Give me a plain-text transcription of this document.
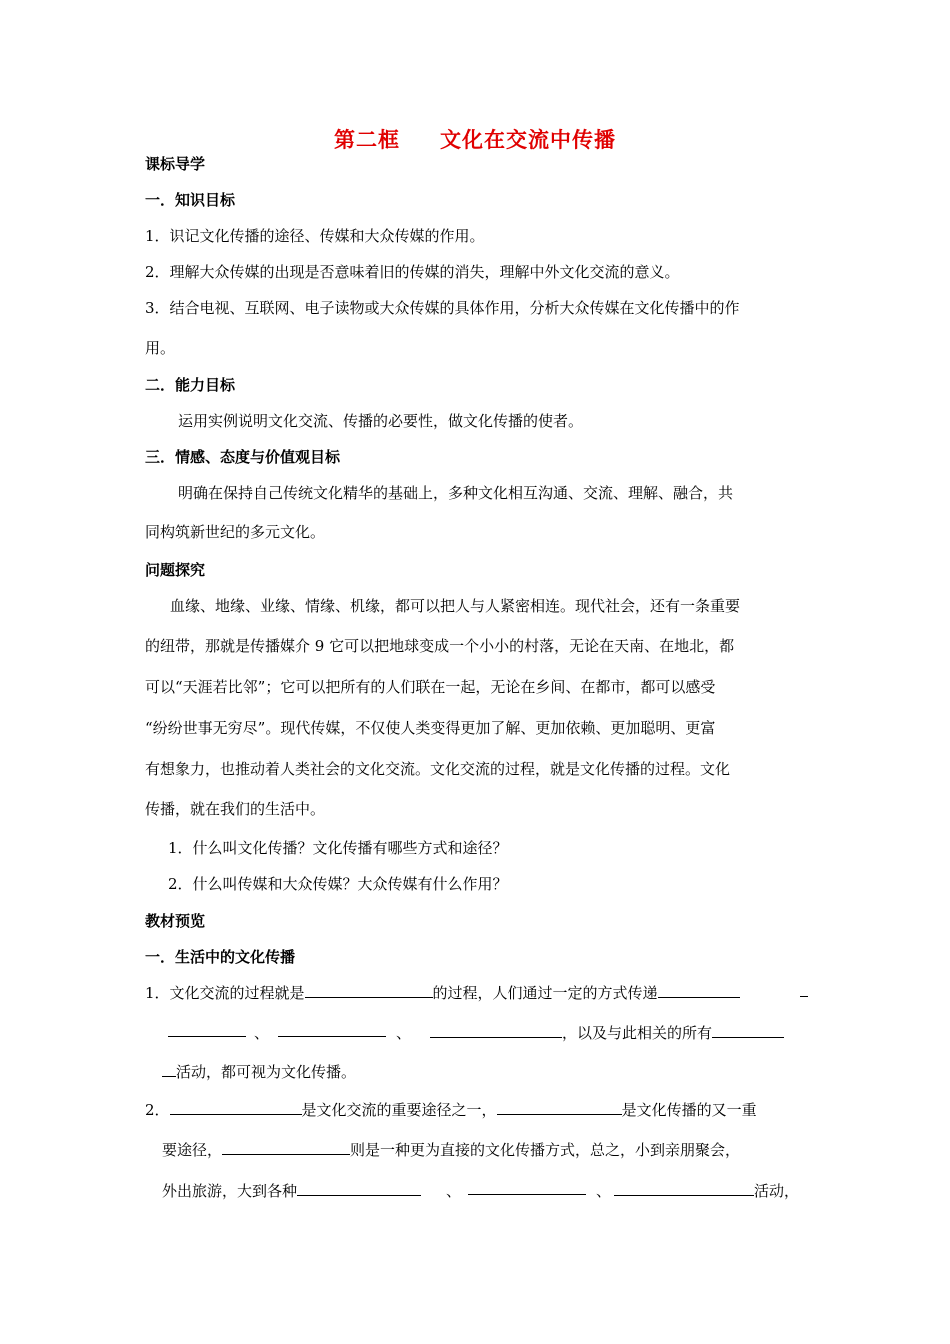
第二框 文化在交流中传播
课标导学
一．知识目标
1．识记文化传播的途径、传媒和大众传媒的作用。
2．理解大众传媒的出现是否意味着旧的传媒的消失，理解中外文化交流的意义。
3．结合电视、互联网、电子读物或大众传媒的具体作用，分析大众传媒在文化传播中的作
用。
二．能力目标
运用实例说明文化交流、传播的必要性，做文化传播的使者。
三．情感、态度与价值观目标
明确在保持自己传统文化精华的基础上，多种文化相互沟通、交流、理解、融合，共
同构筑新世纪的多元文化。
问题探究
血缘、地缘、业缘、情缘、机缘，都可以把人与人紧密相连。现代社会，还有一条重要
的纽带，那就是传播媒介 9 它可以把地球变成一个小小的村落，无论在天南、在地北，都
可以“天涯若比邻”；它可以把所有的人们联在一起，无论在乡间、在都市，都可以感受
“纷纷世事无穷尽”。现代传媒，不仅使人类变得更加了解、更加依赖、更加聪明、更富
有想象力，也推动着人类社会的文化交流。文化交流的过程，就是文化传播的过程。文化
传播，就在我们的生活中。
1．什么叫文化传播？文化传播有哪些方式和途径？
2．什么叫传媒和大众传媒？大众传媒有什么作用？
教材预览
一．生活中的文化传播
1．文化交流的过程就是	的过程，人们通过一定的方式传递
、	、	，以及与此相关的所有
活动，都可视为文化传播。
2．	是文化交流的重要途径之一，	是文化传播的又一重
要途径，	则是一种更为直接的文化传播方式，总之，小到亲朋聚会，
外出旅游，大到各种	、	、	活动，
